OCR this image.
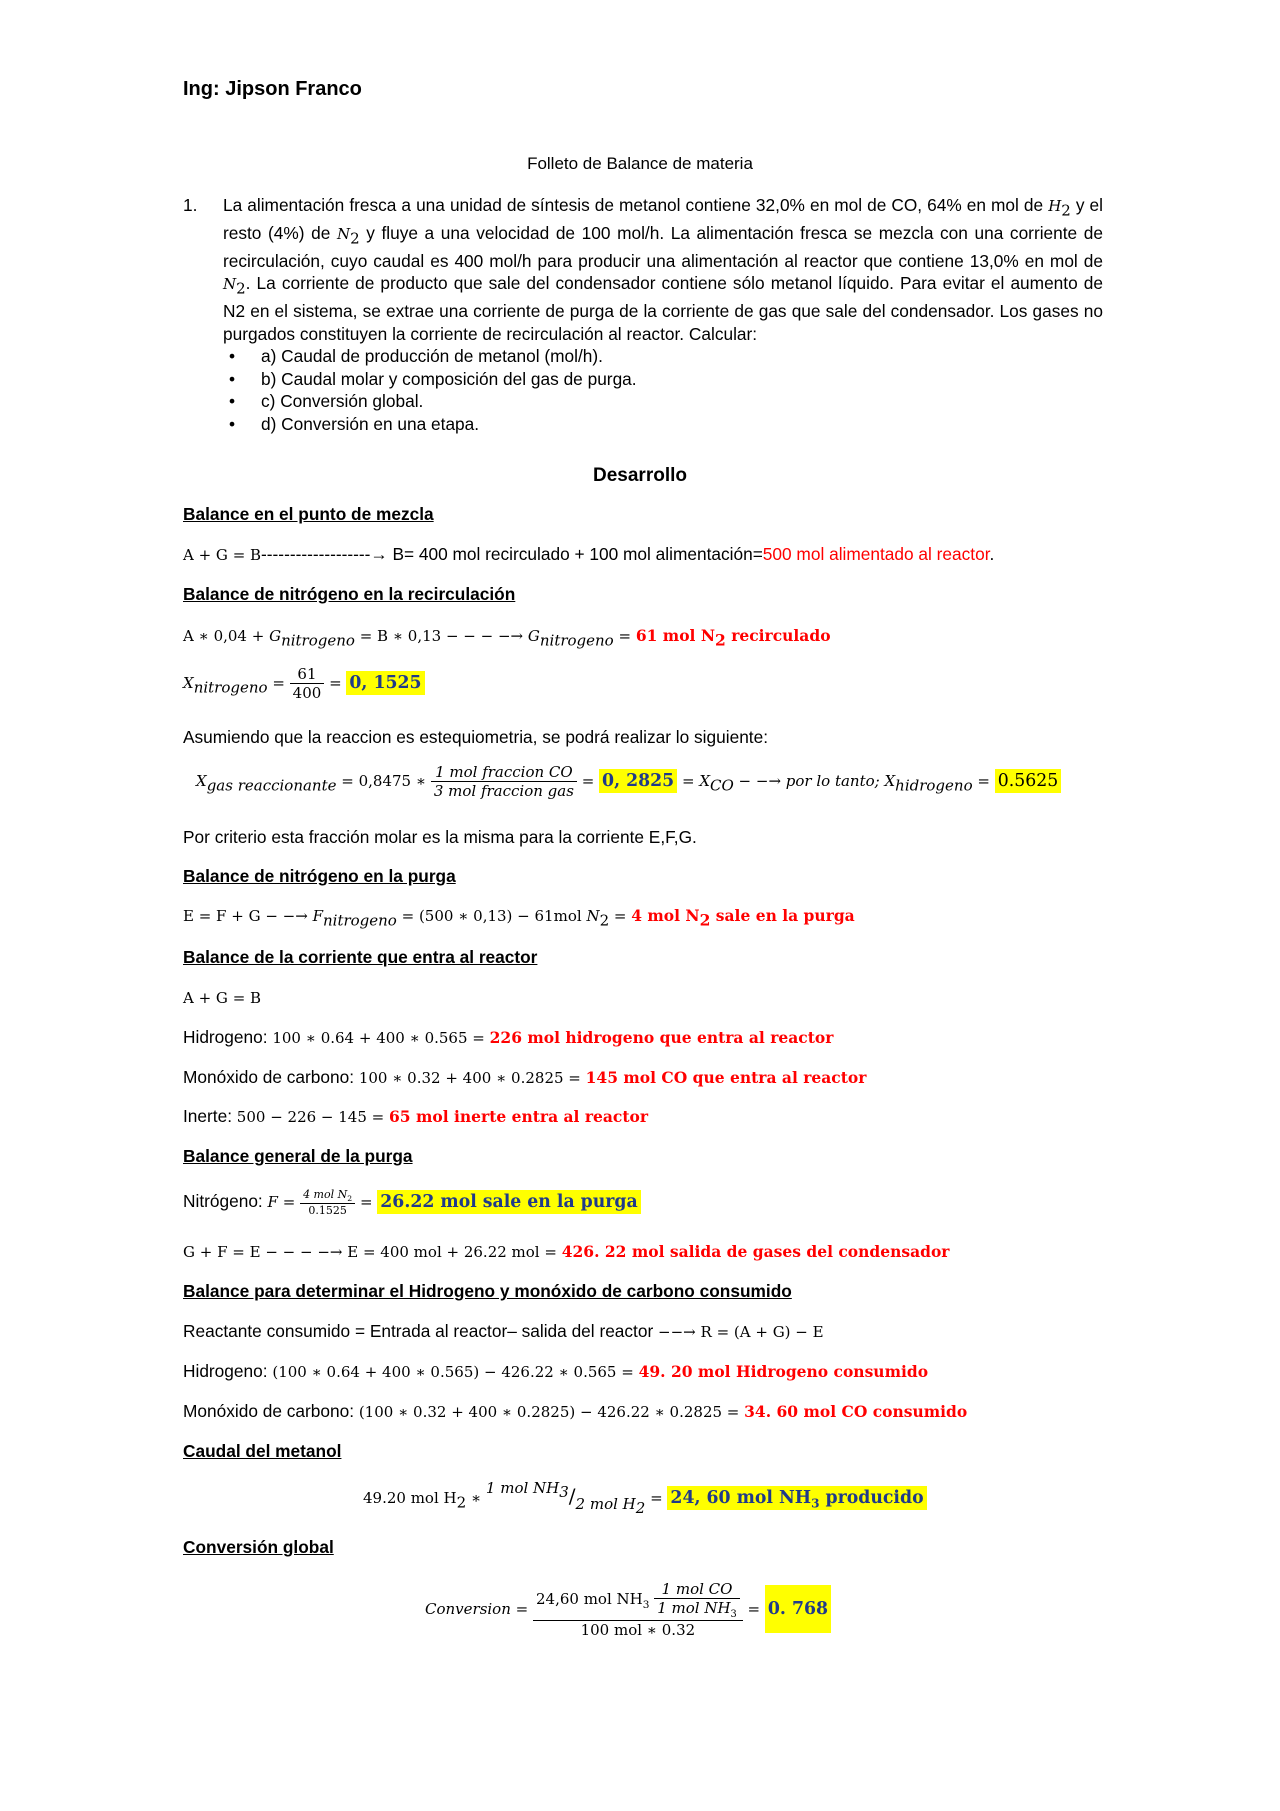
Ing: Jipson Franco
Folleto de Balance de materia
1. La alimentación fresca a una unidad de síntesis de metanol contiene 32,0% en mol de CO, 64% en mol de $H_2$ y el resto (4%) de $N_2$ y fluye a una velocidad de 100 mol/h. La alimentación fresca se mezcla con una corriente de recirculación, cuyo caudal es 400 mol/h para producir una alimentación al reactor que contiene 13,0% en mol de $N_2$. La corriente de producto que sale del condensador contiene sólo metanol líquido. Para evitar el aumento de N2 en el sistema, se extrae una corriente de purga de la corriente de gas que sale del condensador. Los gases no purgados constituyen la corriente de recirculación al reactor. Calcular:
• a) Caudal de producción de metanol (mol/h).
• b) Caudal molar y composición del gas de purga.
• c) Conversión global.
• d) Conversión en una etapa.
Desarrollo
Balance en el punto de mezcla
A + G = B-------------------→ B= 400 mol recirculado + 100 mol alimentación=500 mol alimentado al reactor.
Balance de nitrógeno en la recirculación
A ∗ $0,04 + G_{nitrogeno} = B$ ∗ 0,13 − − − −→ $G_{nitrogeno} = 61$ mol $N_2$ recirculado
$X_{nitrogeno} = \frac{61}{400} = 0$, 1525
Asumiendo que la reaccion es estequiometria, se podrá realizar lo siguiente:
$X_{gas reaccionante} = 0,8475$ ∗ $\frac{\text{1 mol fraccion CO}}{\text{3 mol fraccion gas}} = 0$, $2825 = X_{CO}$ − −→ por lo tanto; $X_{hidrogeno} = 0.5625$
Por criterio esta fracción molar es la misma para la corriente E,F,G.
Balance de nitrógeno en la purga
E = F + G − −→ $F_{nitrogeno} = (500$ ∗ 0,13) − 61mol $N_2 = 4$ mol $N_2$ sale en la purga
Balance de la corriente que entra al reactor
A + G = B
Hidrogeno: 100 ∗ 0.64 + 400 ∗ 0.565 = 226 mol hidrogeno que entra al reactor
Monóxido de carbono: 100 ∗ 0.32 + 400 ∗ 0.2825 = 145 mol CO que entra al reactor
Inerte: 500 − 226 − 145 = 65 mol inerte entra al reactor
Balance general de la purga
Nitrógeno: $F = \frac{4 mol N_2}{0.1525} = 26.22$ mol sale en la purga
G + F = E − − − −→ E = 400 mol + 26.22 mol = 426. 22 mol salida de gases del condensador
Balance para determinar el Hidrogeno y monóxido de carbono consumido
Reactante consumido = Entrada al reactor– salida del reactor −−→ R = (A + G) − E
Hidrogeno: (100 ∗ 0.64 + 400 ∗ 0.565) − 426.22 ∗ 0.565 = 49. 20 mol Hidrogeno consumido
Monóxido de carbono: (100 ∗ 0.32 + 400 ∗ 0.2825) − 426.22 ∗ 0.2825 = 34. 60 mol CO consumido
Caudal del metanol
49.20 mol $H_2$ ∗ 1 mol $NH_3/2$ mol $H_2 = 24$, 60 mol $NH_3$ producido
Conversión global
Conversion = $\frac{24,60 mol NH_3 \frac{\text{1 mol CO}}{1 mol NH_3}}{\text{100 mol ∗ 0.32}} = 0$. 768
